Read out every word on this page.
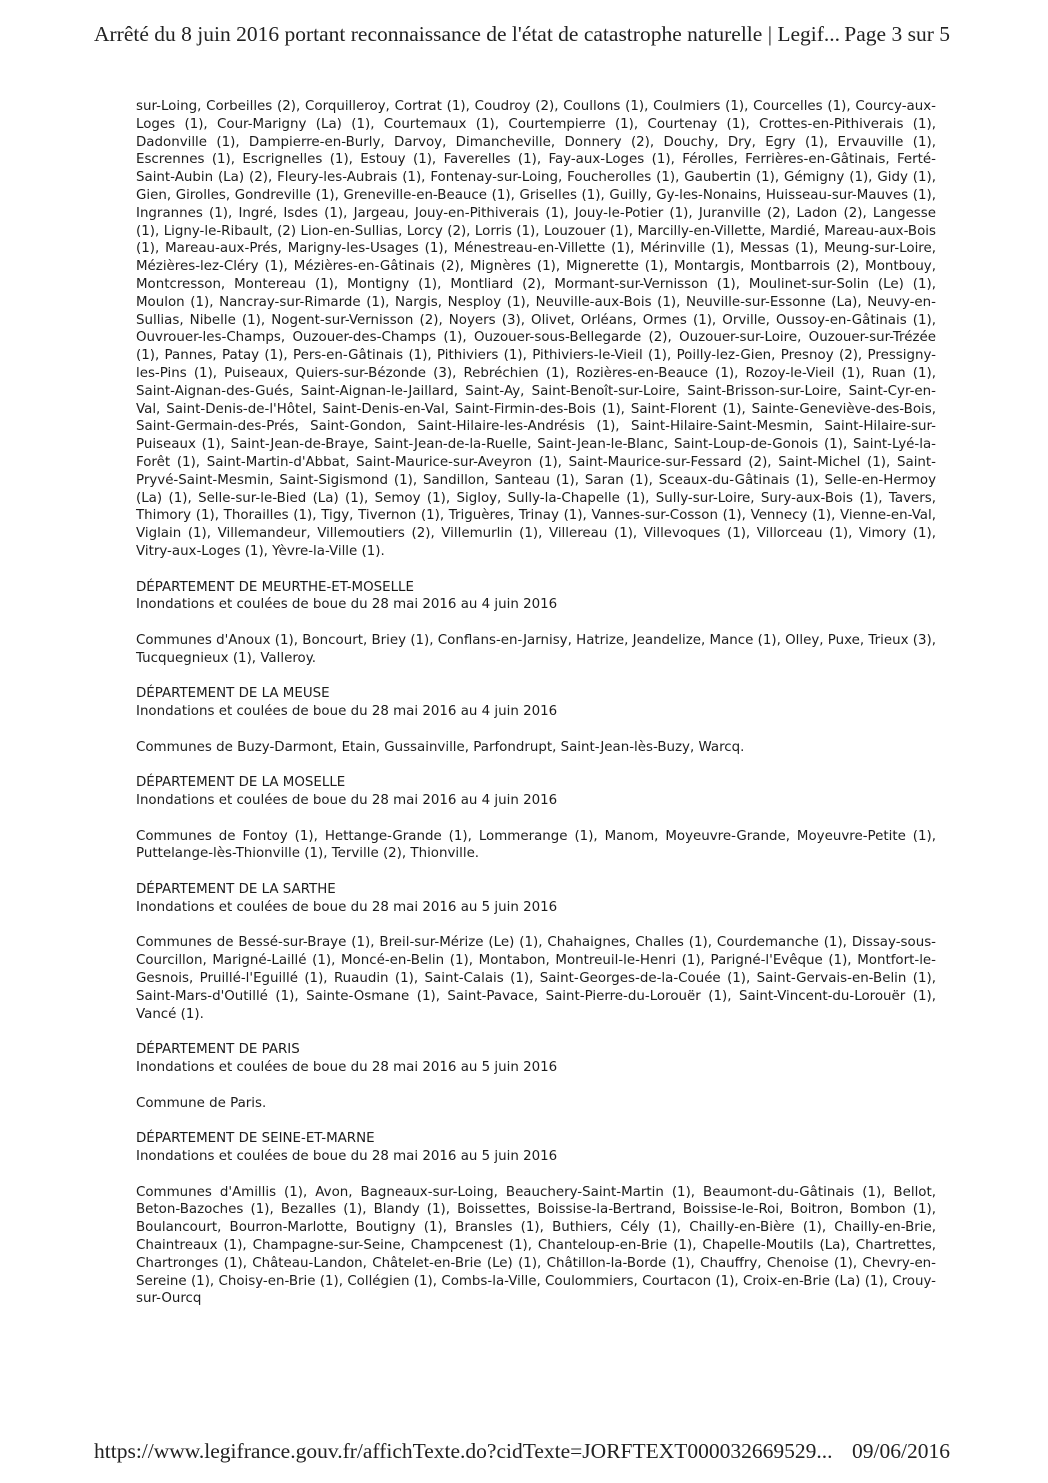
Arrêté du 8 juin 2016 portant reconnaissance de l'état de catastrophe naturelle | Legif... Page 3 sur 5

sur-Loing, Corbeilles (2), Corquilleroy, Cortrat (1), Coudroy (2), Coullons (1), Coulmiers (1), Courcelles (1), Courcy-aux-Loges (1), Cour-Marigny (La) (1), Courtemaux (1), Courtempierre (1), Courtenay (1), Crottes-en-Pithiverais (1), Dadonville (1), Dampierre-en-Burly, Darvoy, Dimancheville, Donnery (2), Douchy, Dry, Egry (1), Ervauville (1), Escrennes (1), Escrignelles (1), Estouy (1), Faverelles (1), Fay-aux-Loges (1), Férolles, Ferrières-en-Gâtinais, Ferté-Saint-Aubin (La) (2), Fleury-les-Aubrais (1), Fontenay-sur-Loing, Foucherolles (1), Gaubertin (1), Gémigny (1), Gidy (1), Gien, Girolles, Gondreville (1), Greneville-en-Beauce (1), Griselles (1), Guilly, Gy-les-Nonains, Huisseau-sur-Mauves (1), Ingrannes (1), Ingré, Isdes (1), Jargeau, Jouy-en-Pithiverais (1), Jouy-le-Potier (1), Juranville (2), Ladon (2), Langesse (1), Ligny-le-Ribault, (2) Lion-en-Sullias, Lorcy (2), Lorris (1), Louzouer (1), Marcilly-en-Villette, Mardié, Mareau-aux-Bois (1), Mareau-aux-Prés, Marigny-les-Usages (1), Ménestreau-en-Villette (1), Mérinville (1), Messas (1), Meung-sur-Loire, Mézières-lez-Cléry (1), Mézières-en-Gâtinais (2), Mignères (1), Mignerette (1), Montargis, Montbarrois (2), Montbouy, Montcresson, Montereau (1), Montigny (1), Montliard (2), Mormant-sur-Vernisson (1), Moulinet-sur-Solin (Le) (1), Moulon (1), Nancray-sur-Rimarde (1), Nargis, Nesploy (1), Neuville-aux-Bois (1), Neuville-sur-Essonne (La), Neuvy-en-Sullias, Nibelle (1), Nogent-sur-Vernisson (2), Noyers (3), Olivet, Orléans, Ormes (1), Orville, Oussoy-en-Gâtinais (1), Ouvrouer-les-Champs, Ouzouer-des-Champs (1), Ouzouer-sous-Bellegarde (2), Ouzouer-sur-Loire, Ouzouer-sur-Trézée (1), Pannes, Patay (1), Pers-en-Gâtinais (1), Pithiviers (1), Pithiviers-le-Vieil (1), Poilly-lez-Gien, Presnoy (2), Pressigny-les-Pins (1), Puiseaux, Quiers-sur-Bézonde (3), Rebréchien (1), Rozières-en-Beauce (1), Rozoy-le-Vieil (1), Ruan (1), Saint-Aignan-des-Gués, Saint-Aignan-le-Jaillard, Saint-Ay, Saint-Benoît-sur-Loire, Saint-Brisson-sur-Loire, Saint-Cyr-en-Val, Saint-Denis-de-l'Hôtel, Saint-Denis-en-Val, Saint-Firmin-des-Bois (1), Saint-Florent (1), Sainte-Geneviève-des-Bois, Saint-Germain-des-Prés, Saint-Gondon, Saint-Hilaire-les-Andrésis (1), Saint-Hilaire-Saint-Mesmin, Saint-Hilaire-sur-Puiseaux (1), Saint-Jean-de-Braye, Saint-Jean-de-la-Ruelle, Saint-Jean-le-Blanc, Saint-Loup-de-Gonois (1), Saint-Lyé-la-Forêt (1), Saint-Martin-d'Abbat, Saint-Maurice-sur-Aveyron (1), Saint-Maurice-sur-Fessard (2), Saint-Michel (1), Saint-Pryvé-Saint-Mesmin, Saint-Sigismond (1), Sandillon, Santeau (1), Saran (1), Sceaux-du-Gâtinais (1), Selle-en-Hermoy (La) (1), Selle-sur-le-Bied (La) (1), Semoy (1), Sigloy, Sully-la-Chapelle (1), Sully-sur-Loire, Sury-aux-Bois (1), Tavers, Thimory (1), Thorailles (1), Tigy, Tivernon (1), Triguères, Trinay (1), Vannes-sur-Cosson (1), Vennecy (1), Vienne-en-Val, Viglain (1), Villemandeur, Villemoutiers (2), Villemurlin (1), Villereau (1), Villevoques (1), Villorceau (1), Vimory (1), Vitry-aux-Loges (1), Yèvre-la-Ville (1).

DÉPARTEMENT DE MEURTHE-ET-MOSELLE

Inondations et coulées de boue du 28 mai 2016 au 4 juin 2016

Communes d'Anoux (1), Boncourt, Briey (1), Conflans-en-Jarnisy, Hatrize, Jeandelize, Mance (1), Olley, Puxe, Trieux (3), Tucquegnieux (1), Valleroy.

DÉPARTEMENT DE LA MEUSE

Inondations et coulées de boue du 28 mai 2016 au 4 juin 2016

Communes de Buzy-Darmont, Etain, Gussainville, Parfondrupt, Saint-Jean-lès-Buzy, Warcq.

DÉPARTEMENT DE LA MOSELLE

Inondations et coulées de boue du 28 mai 2016 au 4 juin 2016

Communes de Fontoy (1), Hettange-Grande (1), Lommerange (1), Manom, Moyeuvre-Grande, Moyeuvre-Petite (1), Puttelange-lès-Thionville (1), Terville (2), Thionville.

DÉPARTEMENT DE LA SARTHE

Inondations et coulées de boue du 28 mai 2016 au 5 juin 2016

Communes de Bessé-sur-Braye (1), Breil-sur-Mérize (Le) (1), Chahaignes, Challes (1), Courdemanche (1), Dissay-sous-Courcillon, Marigné-Laillé (1), Moncé-en-Belin (1), Montabon, Montreuil-le-Henri (1), Parigné-l'Evêque (1), Montfort-le-Gesnois, Pruillé-l'Eguillé (1), Ruaudin (1), Saint-Calais (1), Saint-Georges-de-la-Couée (1), Saint-Gervais-en-Belin (1), Saint-Mars-d'Outillé (1), Sainte-Osmane (1), Saint-Pavace, Saint-Pierre-du-Lorouër (1), Saint-Vincent-du-Lorouër (1), Vancé (1).

DÉPARTEMENT DE PARIS

Inondations et coulées de boue du 28 mai 2016 au 5 juin 2016

Commune de Paris.

DÉPARTEMENT DE SEINE-ET-MARNE

Inondations et coulées de boue du 28 mai 2016 au 5 juin 2016

Communes d'Amillis (1), Avon, Bagneaux-sur-Loing, Beauchery-Saint-Martin (1), Beaumont-du-Gâtinais (1), Bellot, Beton-Bazoches (1), Bezalles (1), Blandy (1), Boissettes, Boissise-la-Bertrand, Boissise-le-Roi, Boitron, Bombon (1), Boulancourt, Bourron-Marlotte, Boutigny (1), Bransles (1), Buthiers, Cély (1), Chailly-en-Bière (1), Chailly-en-Brie, Chaintreaux (1), Champagne-sur-Seine, Champcenest (1), Chanteloup-en-Brie (1), Chapelle-Moutils (La), Chartrettes, Chartronges (1), Château-Landon, Châtelet-en-Brie (Le) (1), Châtillon-la-Borde (1), Chauffry, Chenoise (1), Chevry-en-Sereine (1), Choisy-en-Brie (1), Collégien (1), Combs-la-Ville, Coulommiers, Courtacon (1), Croix-en-Brie (La) (1), Crouy-sur-Ourcq

https://www.legifrance.gouv.fr/affichTexte.do?cidTexte=JORFTEXT000032669529... 09/06/2016
